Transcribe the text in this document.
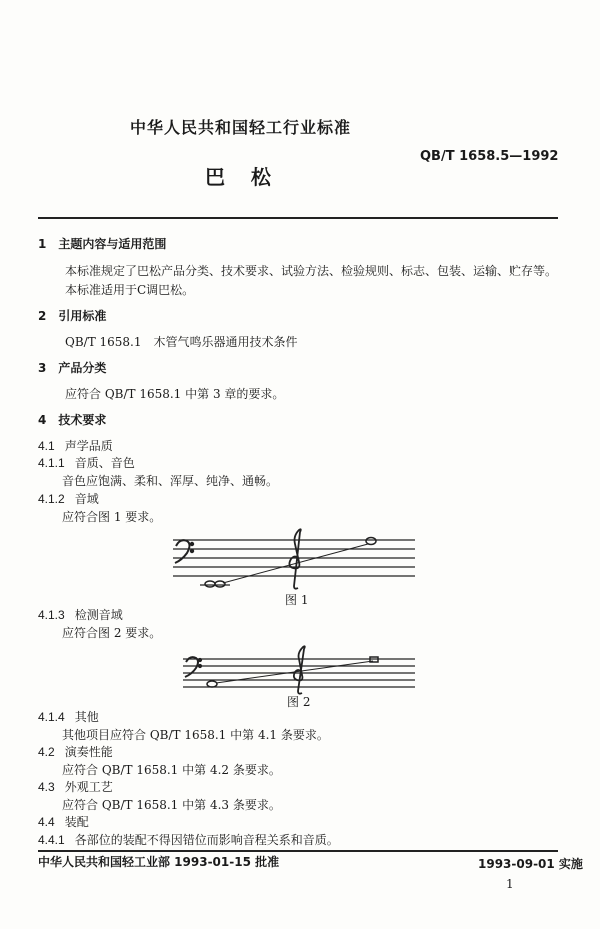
中华人民共和国轻工行业标准
QB/T 1658.5—1992
巴  松
1 主题内容与适用范围
本标准规定了巴松产品分类、技术要求、试验方法、检验规则、标志、包装、运输、贮存等。
本标准适用于C调巴松。
2 引用标准
QB/T 1658.1 木管气鸣乐器通用技术条件
3 产品分类
应符合 QB/T 1658.1 中第 3 章的要求。
4 技术要求
4.1 声学品质
4.1.1 音质、音色
音色应饱满、柔和、浑厚、纯净、通畅。
4.1.2 音域
应符合图 1 要求。
图 1
4.1.3 检测音域
应符合图 2 要求。
图 2
4.1.4 其他
其他项目应符合 QB/T 1658.1 中第 4.1 条要求。
4.2 演奏性能
应符合 QB/T 1658.1 中第 4.2 条要求。
4.3 外观工艺
应符合 QB/T 1658.1 中第 4.3 条要求。
4.4 装配
4.4.1 各部位的装配不得因错位而影响音程关系和音质。
中华人民共和国轻工业部 1993-01-15 批准	1993-09-01 实施
1
